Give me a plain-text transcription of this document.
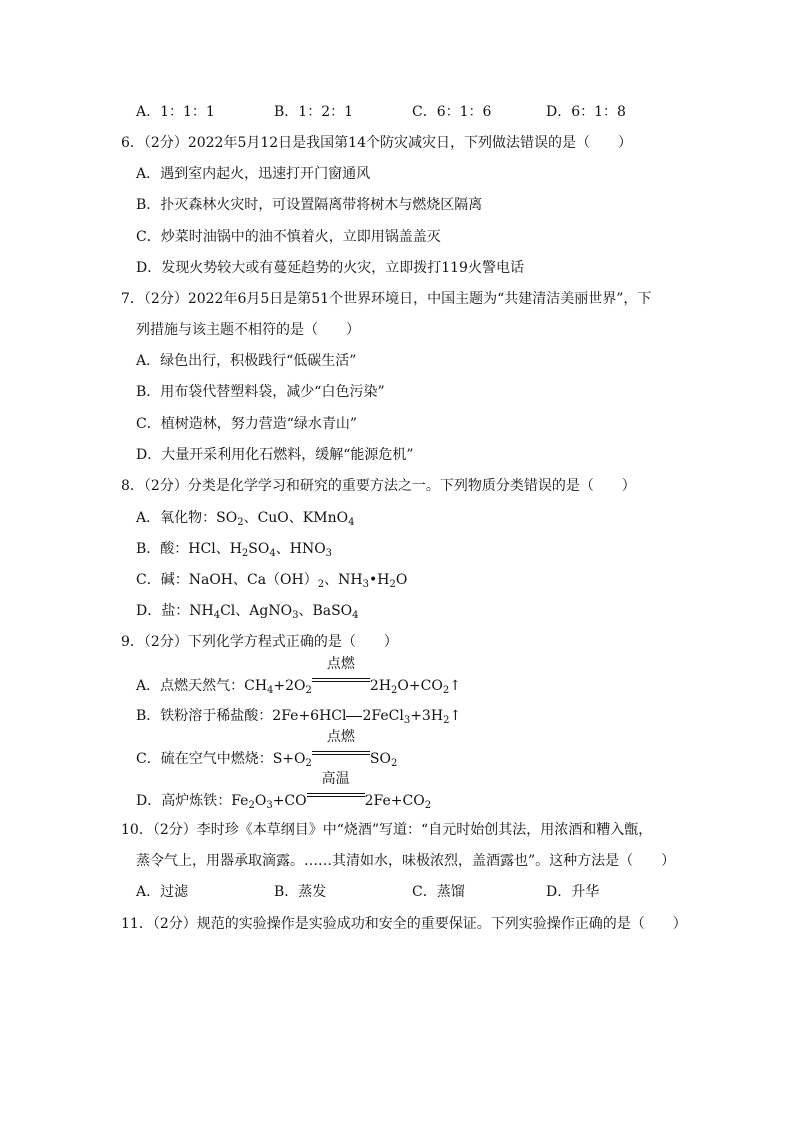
A．1：1：1	B．1：2：1	C．6：1：6	D．6：1：8
6．（2分）2022年5月12日是我国第14个防灾减灾日，下列做法错误的是（　　）
A．遇到室内起火，迅速打开门窗通风
B．扑灭森林火灾时，可设置隔离带将树木与燃烧区隔离
C．炒菜时油锅中的油不慎着火，立即用锅盖盖灭
D．发现火势较大或有蔓延趋势的火灾，立即拨打119火警电话
7．（2分）2022年6月5日是第51个世界环境日，中国主题为“共建清洁美丽世界”，下
列措施与该主题不相符的是（　　）
A．绿色出行，积极践行“低碳生活”
B．用布袋代替塑料袋，减少“白色污染”
C．植树造林，努力营造“绿水青山”
D．大量开采利用化石燃料，缓解“能源危机”
8．（2分）分类是化学学习和研究的重要方法之一。下列物质分类错误的是（　　）
A．氧化物：$SO_2$、CuO、KMnO$_4$
B．酸：HCl、$H_2SO_4$、$HNO_3$
C．碱：NaOH、$Ca(OH)_2$、$NH_3•H_2O$
D．盐：$NH_4Cl$、AgNO$_3$、BaSO$_4$
9．（2分）下列化学方程式正确的是（　　）
A．点燃天然气：$CH_4+2O_2$
点燃
$2H_2O+CO_2↑$
B．铁粉溶于稀盐酸：2Fe+6HCl $2FeCl_3+3H_2↑$
C．硫在空气中燃烧：$S+O_2$
点燃
$SO_2$
D．高炉炼铁：$Fe_2O_3+CO$
高温
$2Fe+CO_2$
10．（2分）李时珍《本草纲目》中“烧酒”写道：“自元时始创其法，用浓酒和糟入甑，
蒸令气上，用器承取滴露。……其清如水，味极浓烈，盖酒露也”。这种方法是（　　）
A．过滤	B．蒸发	C．蒸馏	D．升华
11．（2分）规范的实验操作是实验成功和安全的重要保证。下列实验操作正确的是（　　）
